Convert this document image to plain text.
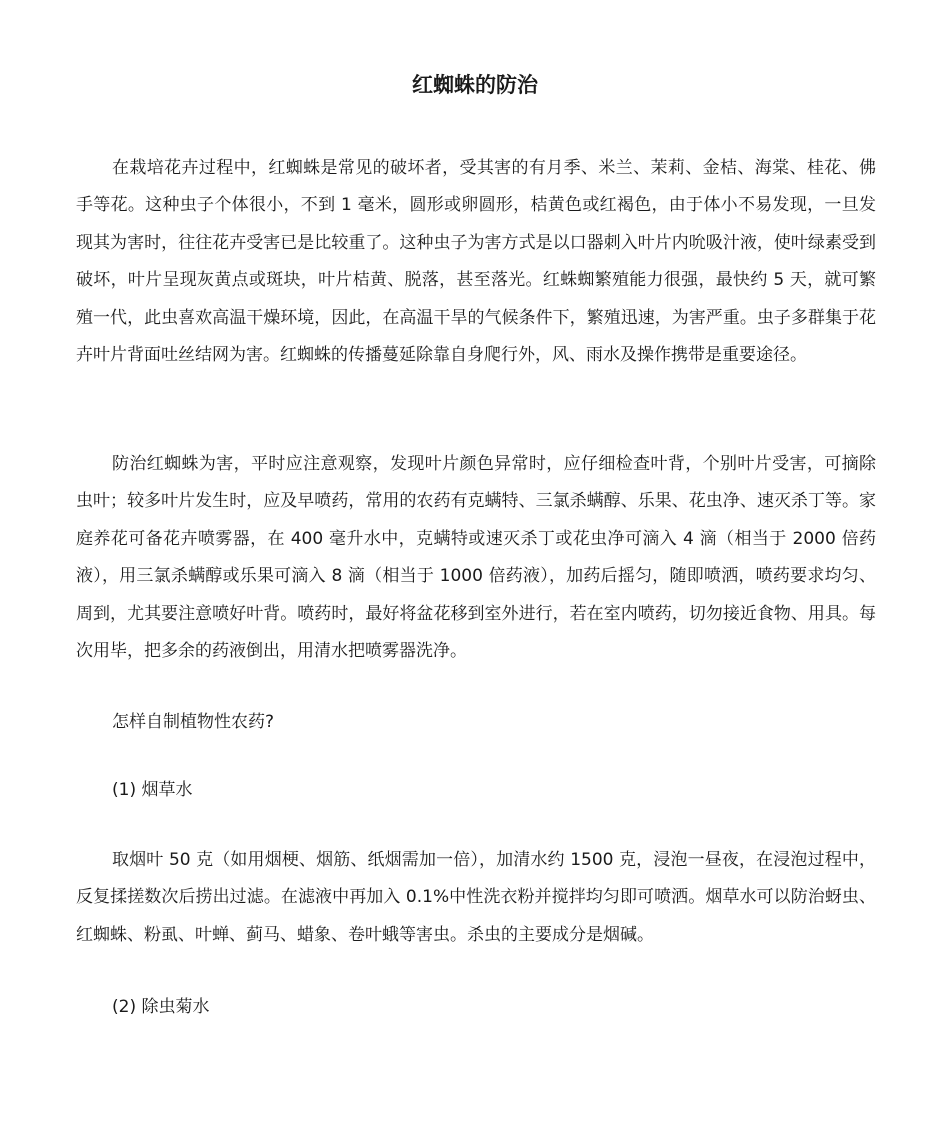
红蜘蛛的防治

在栽培花卉过程中，红蜘蛛是常见的破坏者，受其害的有月季、米兰、茉莉、金桔、海棠、桂花、佛手等花。这种虫子个体很小，不到 1 毫米，圆形或卵圆形，桔黄色或红褐色，由于体小不易发现，一旦发现其为害时，往往花卉受害已是比较重了。这种虫子为害方式是以口器刺入叶片内吮吸汁液，使叶绿素受到破坏，叶片呈现灰黄点或斑块，叶片桔黄、脱落，甚至落光。红蛛蜘繁殖能力很强，最快约 5 天，就可繁殖一代，此虫喜欢高温干燥环境，因此，在高温干旱的气候条件下，繁殖迅速，为害严重。虫子多群集于花卉叶片背面吐丝结网为害。红蜘蛛的传播蔓延除靠自身爬行外，风、雨水及操作携带是重要途径。

防治红蜘蛛为害，平时应注意观察，发现叶片颜色异常时，应仔细检查叶背，个别叶片受害，可摘除虫叶；较多叶片发生时，应及早喷药，常用的农药有克螨特、三氯杀螨醇、乐果、花虫净、速灭杀丁等。家庭养花可备花卉喷雾器，在 400 毫升水中，克螨特或速灭杀丁或花虫净可滴入 4 滴（相当于 2000 倍药液），用三氯杀螨醇或乐果可滴入 8 滴（相当于 1000 倍药液），加药后摇匀，随即喷洒，喷药要求均匀、周到，尤其要注意喷好叶背。喷药时，最好将盆花移到室外进行，若在室内喷药，切勿接近食物、用具。每次用毕，把多余的药液倒出，用清水把喷雾器洗净。

怎样自制植物性农药?

(1) 烟草水

取烟叶 50 克（如用烟梗、烟筋、纸烟需加一倍），加清水约 1500 克，浸泡一昼夜，在浸泡过程中，反复揉搓数次后捞出过滤。在滤液中再加入 0.1%中性洗衣粉并搅拌均匀即可喷洒。烟草水可以防治蚜虫、红蜘蛛、粉虱、叶蝉、蓟马、蜡象、卷叶蛾等害虫。杀虫的主要成分是烟碱。

(2) 除虫菊水
